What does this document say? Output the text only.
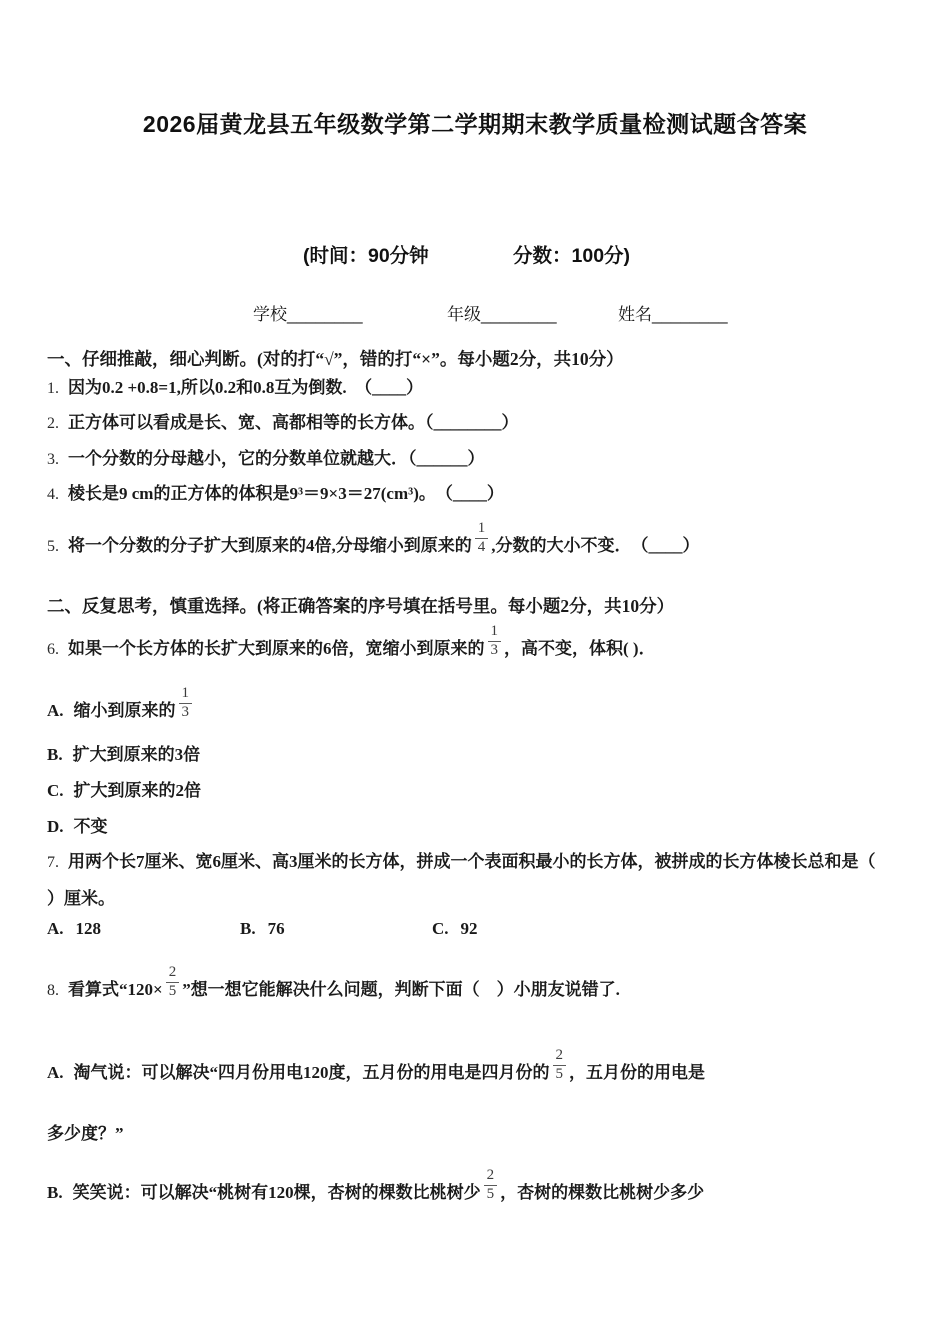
2026届黄龙县五年级数学第二学期期末教学质量检测试题含答案
(时间：90分钟	分数：100分)
学校________	年级________	姓名________
一、仔细推敲，细心判断。(对的打“√”，错的打“×”。每小题2分，共10分）
1. 因为0.2 +0.8=1,所以0.2和0.8互为倒数.　（____）
2. 正方体可以看成是长、宽、高都相等的长方体。（________）
3. 一个分数的分母越小，它的分数单位就越大．（______）
4. 棱长是9 cm的正方体的体积是9³＝9×3＝27(cm³)。　（____）
5. 将一个分数的分子扩大到原来的4倍,分母缩小到原来的 $\frac{1}{4}$ ,分数的大小不变．　（____）
二、反复思考，慎重选择。(将正确答案的序号填在括号里。每小题2分，共10分）
6. 如果一个长方体的长扩大到原来的6倍，宽缩小到原来的 $\frac{1}{3}$ ，高不变，体积( )．
A. 缩小到原来的 $\frac{1}{3}$
B. 扩大到原来的3倍
C. 扩大到原来的2倍
D. 不变
7. 用两个长7厘米、宽6厘米、高3厘米的长方体，拼成一个表面积最小的长方体，被拼成的长方体棱长总和是（
）厘米。
A. 128	B. 76	C. 92
8. 看算式“$120\times \frac{2}{5}$ ”想一想它能解决什么问题，判断下面（　）小朋友说错了.
A. 淘气说：可以解决“四月份用电120度，五月份的用电是四月份的 $\frac{2}{5}$ ，五月份的用电是
多少度？”
B. 笑笑说：可以解决“桃树有120棵，杏树的棵数比桃树少 $\frac{2}{5}$ ，杏树的棵数比桃树少多少
